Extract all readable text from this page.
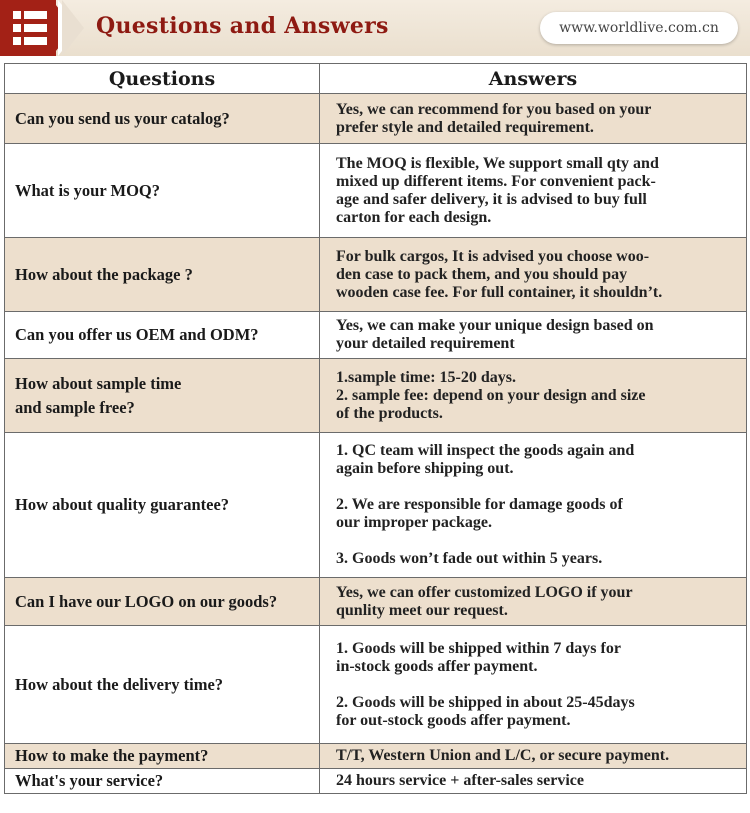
Questions and Answers	www.worldlive.com.cn
Questions	Answers
Can you send us your catalog?	Yes, we can recommend for you based on your
prefer style and detailed requirement.
What is your MOQ?	The MOQ is flexible, We support small qty and
mixed up different items. For convenient pack-
age and safer delivery, it is advised to buy full
carton for each design.
How about the package ?	For bulk cargos, It is advised you choose woo-
den case to pack them, and you should pay
wooden case fee. For full container, it shouldn’t.
Can you offer us OEM and ODM?	Yes, we can make your unique design based on
your detailed requirement
How about sample time
and sample free?	1.sample time: 15-20 days.
2. sample fee: depend on your design and size
of the products.
How about quality guarantee?	1. QC team will inspect the goods again and
again before shipping out.

2. We are responsible for damage goods of
our improper package.

3. Goods won’t fade out within 5 years.
Can I have our LOGO on our goods?	Yes, we can offer customized LOGO if your
qunlity meet our request.
How about the delivery time?	1. Goods will be shipped within 7 days for
in-stock goods affer payment.

2. Goods will be shipped in about 25-45days
for out-stock goods affer payment.
How to make the payment?	T/T, Western Union and L/C, or secure payment.
What's your service?	24 hours service + after-sales service
